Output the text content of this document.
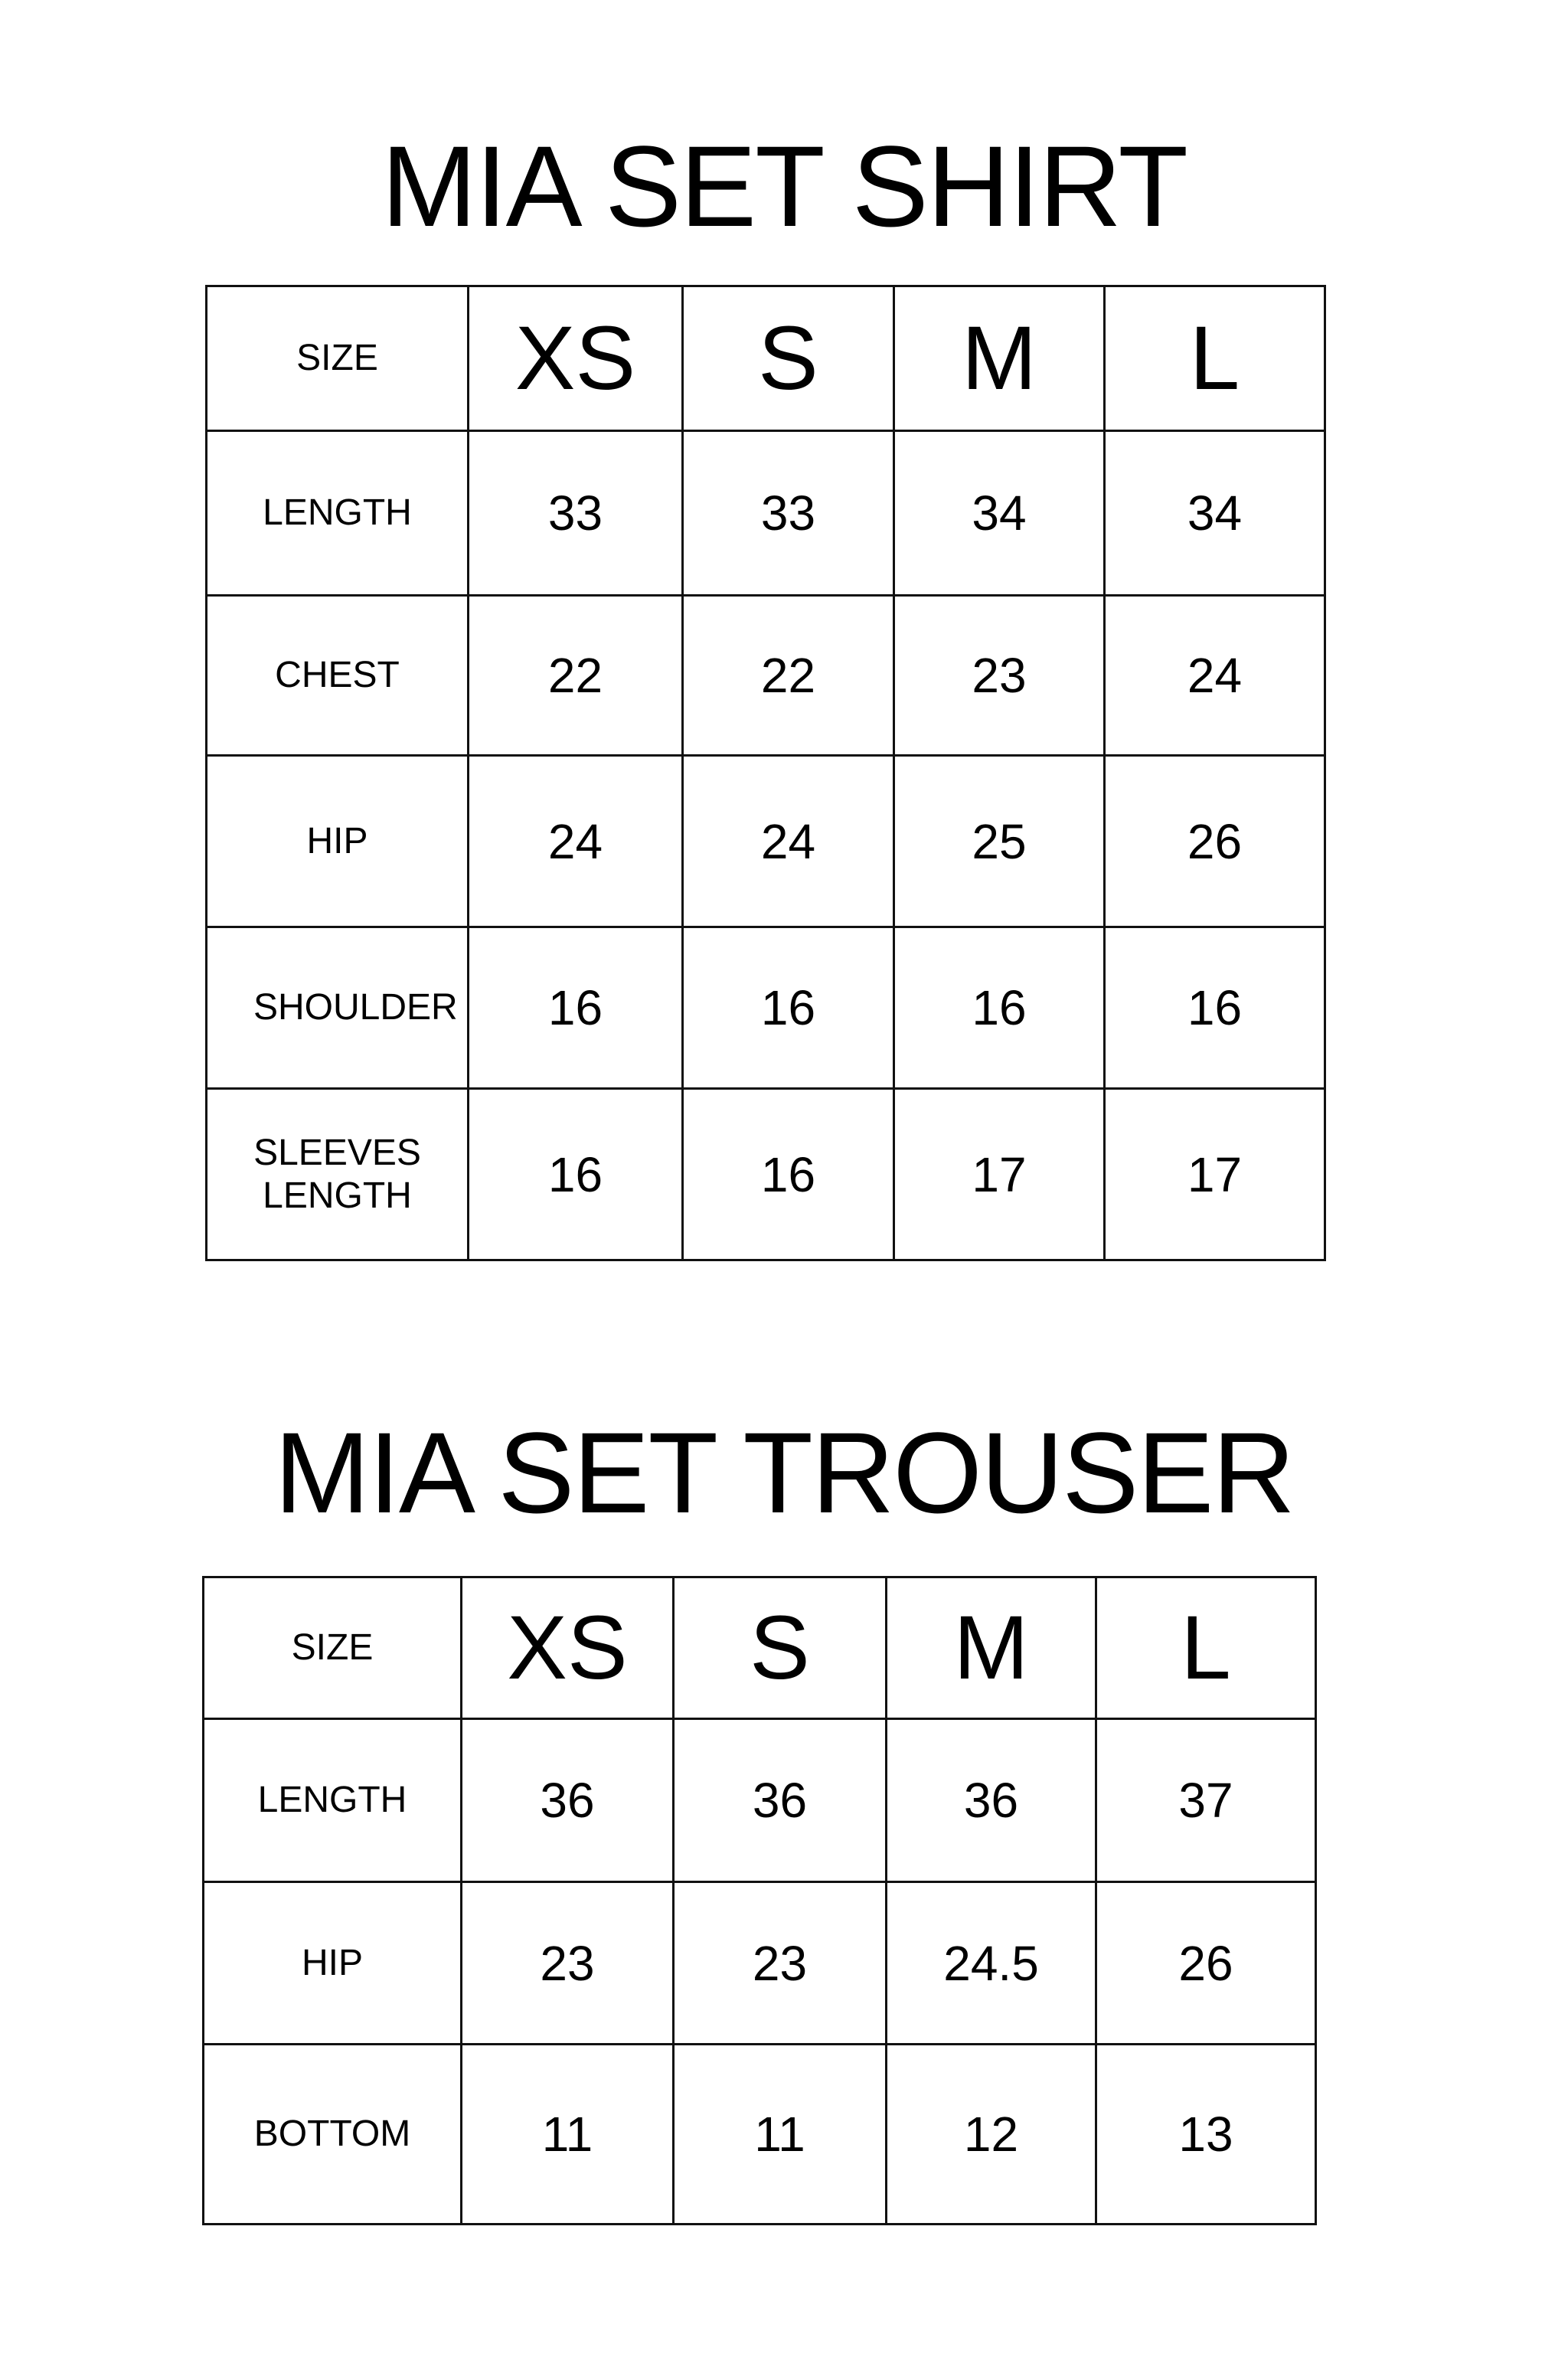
MIA SET SHIRT
SIZE	XS	S	M	L
LENGTH	33	33	34	34
CHEST	22	22	23	24
HIP	24	24	25	26
SHOULDER	16	16	16	16
SLEEVES LENGTH	16	16	17	17
MIA SET TROUSER
SIZE	XS	S	M	L
LENGTH	36	36	36	37
HIP	23	23	24.5	26
BOTTOM	11	11	12	13
